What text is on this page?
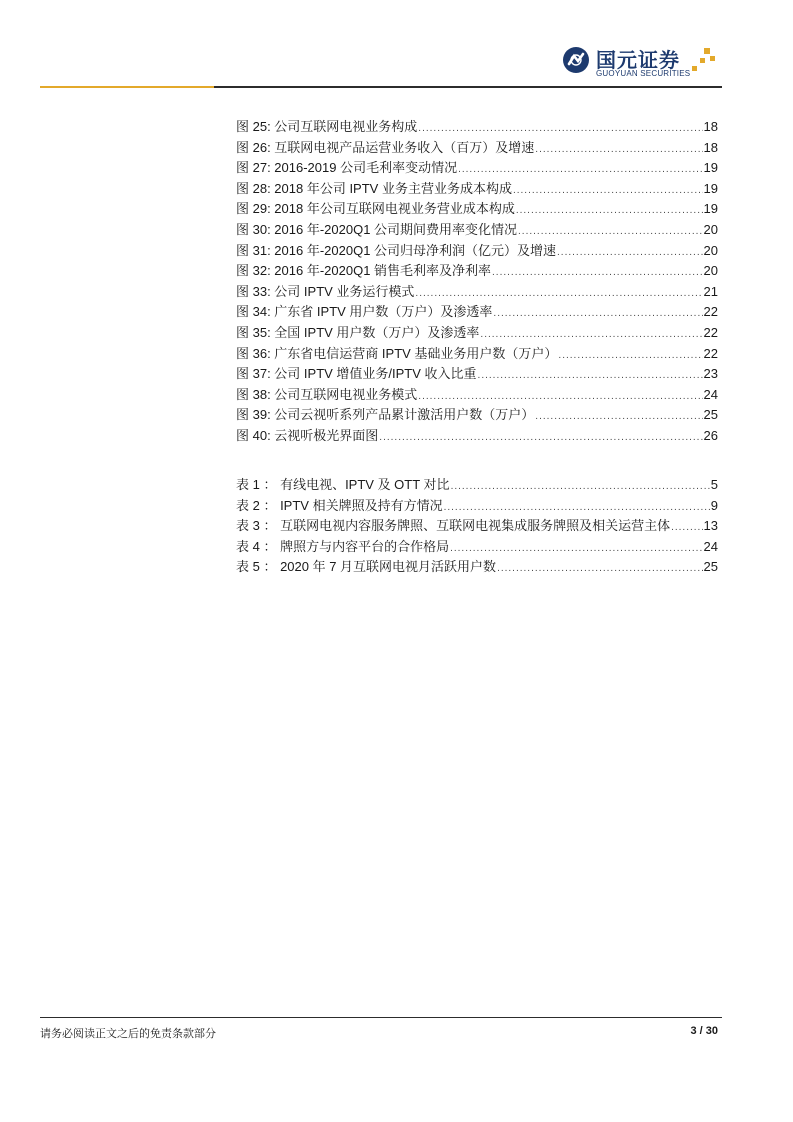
国元证券
GUOYUAN SECURITIES
图 25: 公司互联网电视业务构成 .....	18
图 26: 互联网电视产品运营业务收入（百万）及增速 .....	18
图 27: 2016-2019 公司毛利率变动情况 .....	19
图 28: 2018 年公司 IPTV 业务主营业务成本构成 .....	19
图 29: 2018 年公司互联网电视业务营业成本构成 .....	19
图 30: 2016 年-2020Q1 公司期间费用率变化情况 .....	20
图 31: 2016 年-2020Q1 公司归母净利润（亿元）及增速 .....	20
图 32: 2016 年-2020Q1 销售毛利率及净利率 .....	20
图 33: 公司 IPTV 业务运行模式 .....	21
图 34: 广东省 IPTV 用户数（万户）及渗透率 .....	22
图 35: 全国 IPTV 用户数（万户）及渗透率 .....	22
图 36: 广东省电信运营商 IPTV 基础业务用户数（万户） .....	22
图 37: 公司 IPTV 增值业务/IPTV 收入比重 .....	23
图 38: 公司互联网电视业务模式 .....	24
图 39: 公司云视听系列产品累计激活用户数（万户） .....	25
图 40: 云视听极光界面图 .....	26
表 1 ： 有线电视、IPTV 及 OTT 对比 .....	5
表 2 ： IPTV 相关牌照及持有方情况 .....	9
表 3 ： 互联网电视内容服务牌照、互联网电视集成服务牌照及相关运营主体 .....	13
表 4 ： 牌照方与内容平台的合作格局 .....	24
表 5 ： 2020 年 7 月互联网电视月活跃用户数 .....	25
请务必阅读正文之后的免责条款部分	3 / 30
